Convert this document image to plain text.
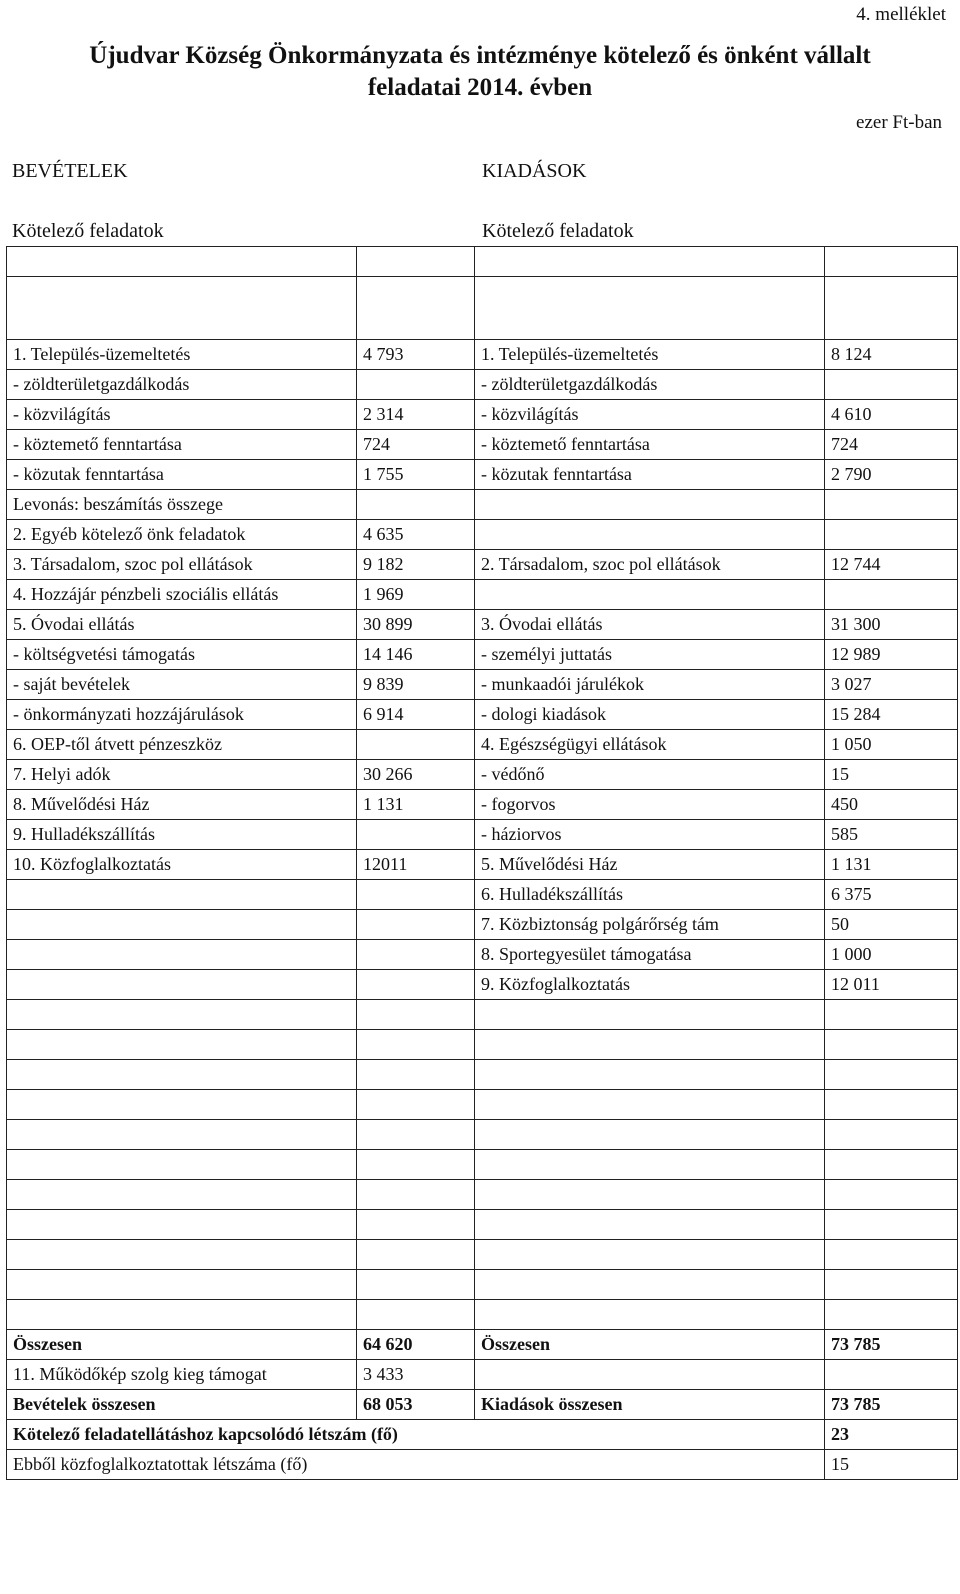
4. melléklet
Újudvar Község Önkormányzata és intézménye kötelező és önként vállalt
feladatai 2014. évben
ezer Ft-ban
BEVÉTELEK	KIADÁSOK
Kötelező feladatok	Kötelező feladatok

1. Település-üzemeltetés	4 793	1. Település-üzemeltetés	8 124
- zöldterületgazdálkodás		- zöldterületgazdálkodás	
- közvilágítás	2 314	- közvilágítás	4 610
- köztemető fenntartása	724	- köztemető fenntartása	724
- közutak fenntartása	1 755	- közutak fenntartása	2 790
Levonás: beszámítás összege			
2. Egyéb kötelező önk feladatok	4 635		
3. Társadalom, szoc pol ellátások	9 182	2. Társadalom, szoc pol ellátások	12 744
4. Hozzájár pénzbeli szociális ellátás	1 969		
5. Óvodai ellátás	30 899	3. Óvodai ellátás	31 300
- költségvetési támogatás	14 146	- személyi juttatás	12 989
- saját bevételek	9 839	- munkaadói járulékok	3 027
- önkormányzati hozzájárulások	6 914	- dologi kiadások	15 284
6. OEP-től átvett pénzeszköz		4. Egészségügyi ellátások	1 050
7. Helyi adók	30 266	- védőnő	15
8. Művelődési Ház	1 131	- fogorvos	450
9. Hulladékszállítás		- háziorvos	585
10. Közfoglalkoztatás	12011	5. Művelődési Ház	1 131
		6. Hulladékszállítás	6 375
		7. Közbiztonság polgárőrség tám	50
		8. Sportegyesület támogatása	1 000
		9. Közfoglalkoztatás	12 011

Összesen	64 620	Összesen	73 785
11. Működőkép szolg kieg támogat	3 433		
Bevételek összesen	68 053	Kiadások összesen	73 785
Kötelező feladatellátáshoz kapcsolódó létszám (fő)			23
Ebből közfoglalkoztatottak létszáma (fő)			15
